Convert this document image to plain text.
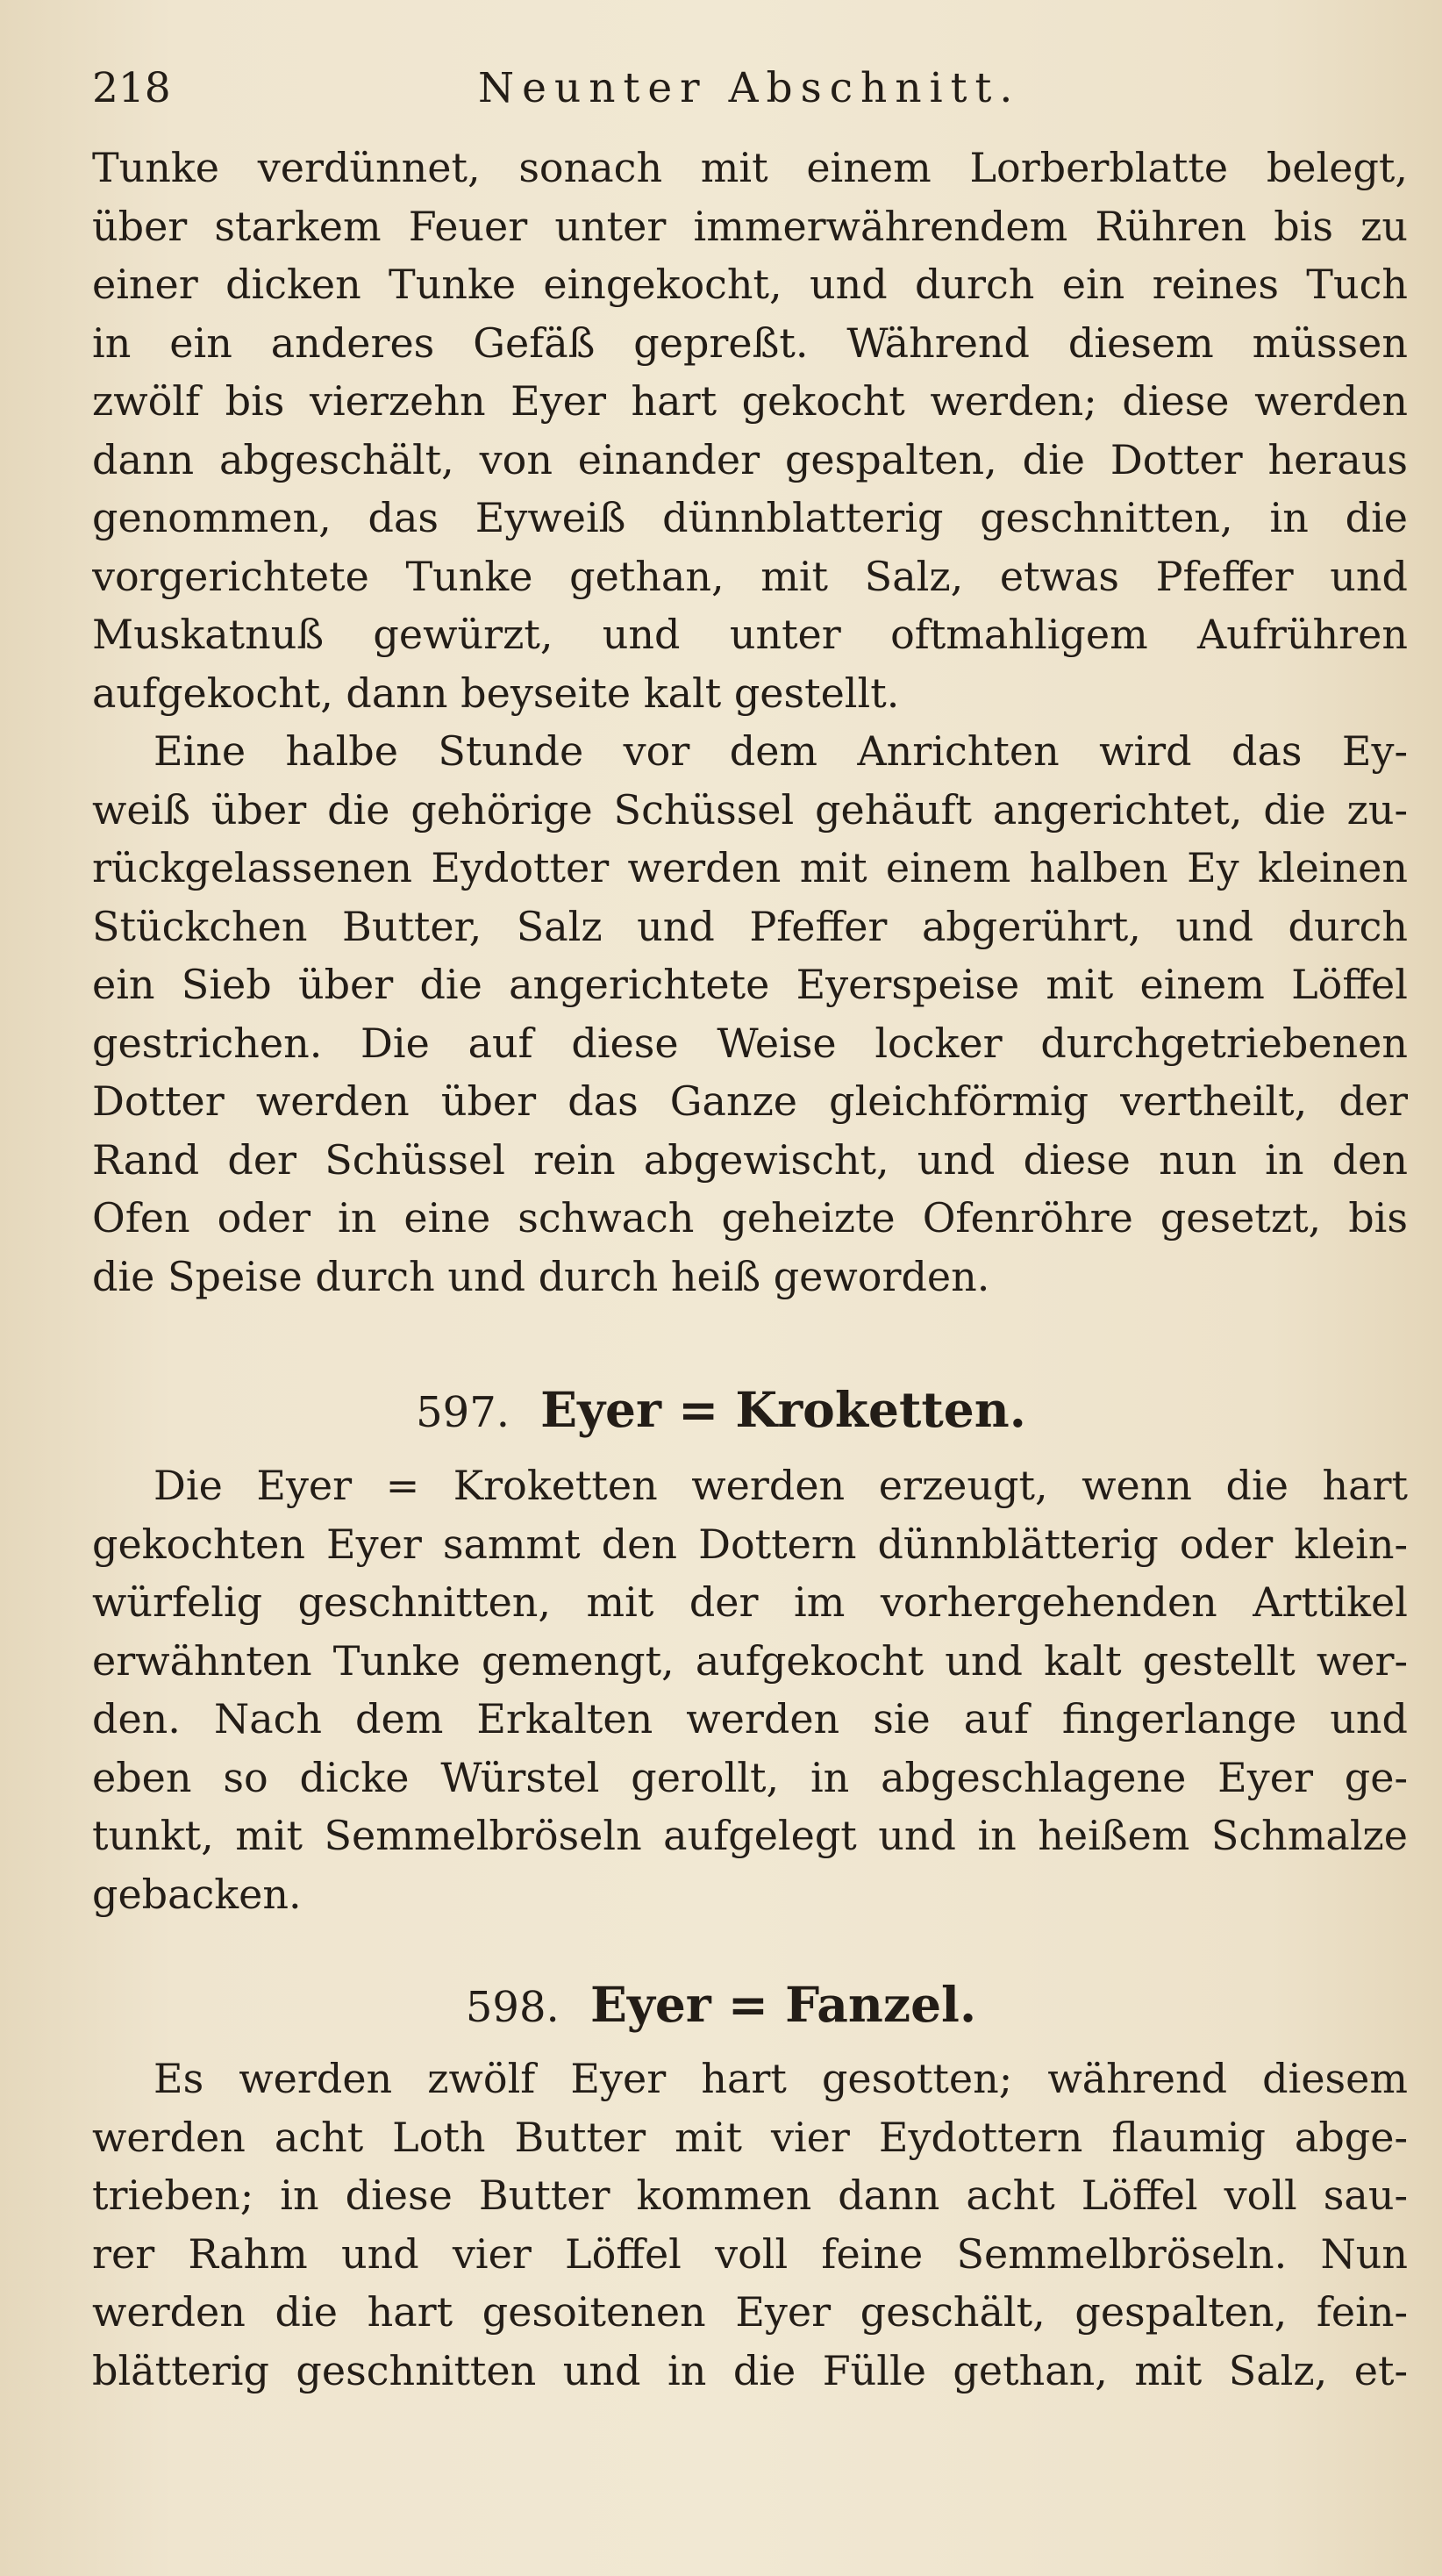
218	Neunter Abschnitt.
Tunke verdünnet, sonach mit einem Lorberblatte belegt,
über starkem Feuer unter immerwährendem Rühren bis zu
einer dicken Tunke eingekocht, und durch ein reines Tuch
in ein anderes Gefäß gepreßt. Während diesem müssen
zwölf bis vierzehn Eyer hart gekocht werden; diese werden
dann abgeschält, von einander gespalten, die Dotter heraus
genommen, das Eyweiß dünnblatterig geschnitten, in die
vorgerichtete Tunke gethan, mit Salz, etwas Pfeffer und
Muskatnuß gewürzt, und unter oftmahligem Aufrühren
aufgekocht, dann beyseite kalt gestellt.
Eine halbe Stunde vor dem Anrichten wird das Ey-
weiß über die gehörige Schüssel gehäuft angerichtet, die zu-
rückgelassenen Eydotter werden mit einem halben Ey kleinen
Stückchen Butter, Salz und Pfeffer abgerührt, und durch
ein Sieb über die angerichtete Eyerspeise mit einem Löffel
gestrichen. Die auf diese Weise locker durchgetriebenen
Dotter werden über das Ganze gleichförmig vertheilt, der
Rand der Schüssel rein abgewischt, und diese nun in den
Ofen oder in eine schwach geheizte Ofenröhre gesetzt, bis
die Speise durch und durch heiß geworden.
597. Eyer = Kroketten.
Die Eyer = Kroketten werden erzeugt, wenn die hart
gekochten Eyer sammt den Dottern dünnblätterig oder klein-
würfelig geschnitten, mit der im vorhergehenden Arttikel
erwähnten Tunke gemengt, aufgekocht und kalt gestellt wer-
den. Nach dem Erkalten werden sie auf fingerlange und
eben so dicke Würstel gerollt, in abgeschlagene Eyer ge-
tunkt, mit Semmelbröseln aufgelegt und in heißem Schmalze
gebacken.
598. Eyer = Fanzel.
Es werden zwölf Eyer hart gesotten; während diesem
werden acht Loth Butter mit vier Eydottern flaumig abge-
trieben; in diese Butter kommen dann acht Löffel voll sau-
rer Rahm und vier Löffel voll feine Semmelbröseln. Nun
werden die hart gesoitenen Eyer geschält, gespalten, fein-
blätterig geschnitten und in die Fülle gethan, mit Salz, et-
